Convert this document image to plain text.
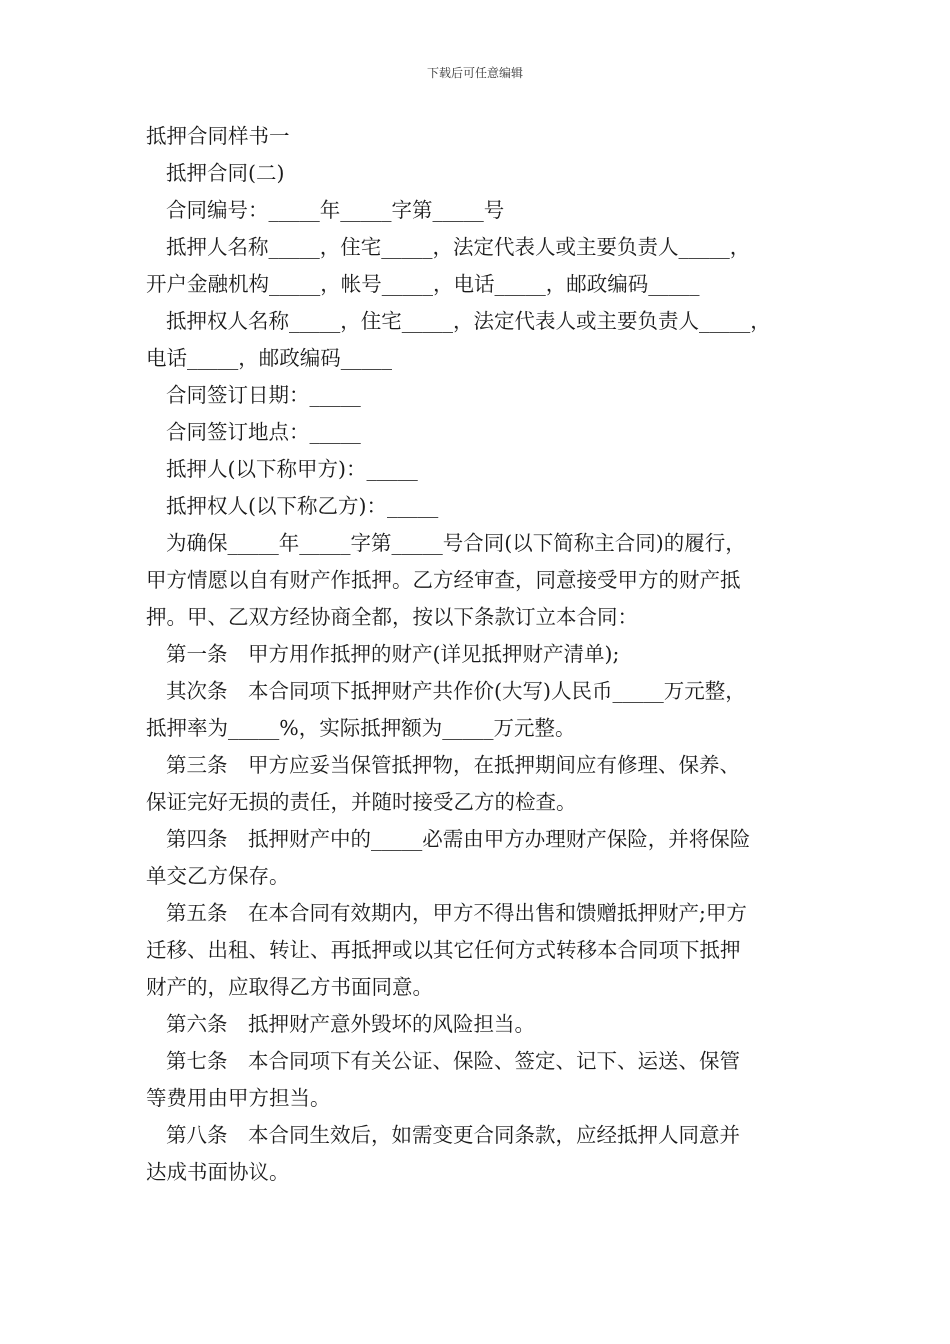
下载后可任意编辑
抵押合同样书一
抵押合同(二)
合同编号：_____年_____字第_____号
抵押人名称_____，住宅_____，法定代表人或主要负责人_____，
开户金融机构_____，帐号_____，电话_____，邮政编码_____
抵押权人名称_____，住宅_____，法定代表人或主要负责人_____，
电话_____，邮政编码_____
合同签订日期：_____
合同签订地点：_____
抵押人(以下称甲方)：_____
抵押权人(以下称乙方)：_____
为确保_____年_____字第_____号合同(以下简称主合同)的履行，
甲方情愿以自有财产作抵押。乙方经审查，同意接受甲方的财产抵
押。甲、乙双方经协商全都，按以下条款订立本合同：
第一条　甲方用作抵押的财产(详见抵押财产清单);
其次条　本合同项下抵押财产共作价(大写)人民币_____万元整，
抵押率为_____%，实际抵押额为_____万元整。
第三条　甲方应妥当保管抵押物，在抵押期间应有修理、保养、
保证完好无损的责任，并随时接受乙方的检查。
第四条　抵押财产中的_____必需由甲方办理财产保险，并将保险
单交乙方保存。
第五条　在本合同有效期内，甲方不得出售和馈赠抵押财产;甲方
迁移、出租、转让、再抵押或以其它任何方式转移本合同项下抵押
财产的，应取得乙方书面同意。
第六条　抵押财产意外毁坏的风险担当。
第七条　本合同项下有关公证、保险、签定、记下、运送、保管
等费用由甲方担当。
第八条　本合同生效后，如需变更合同条款，应经抵押人同意并
达成书面协议。
